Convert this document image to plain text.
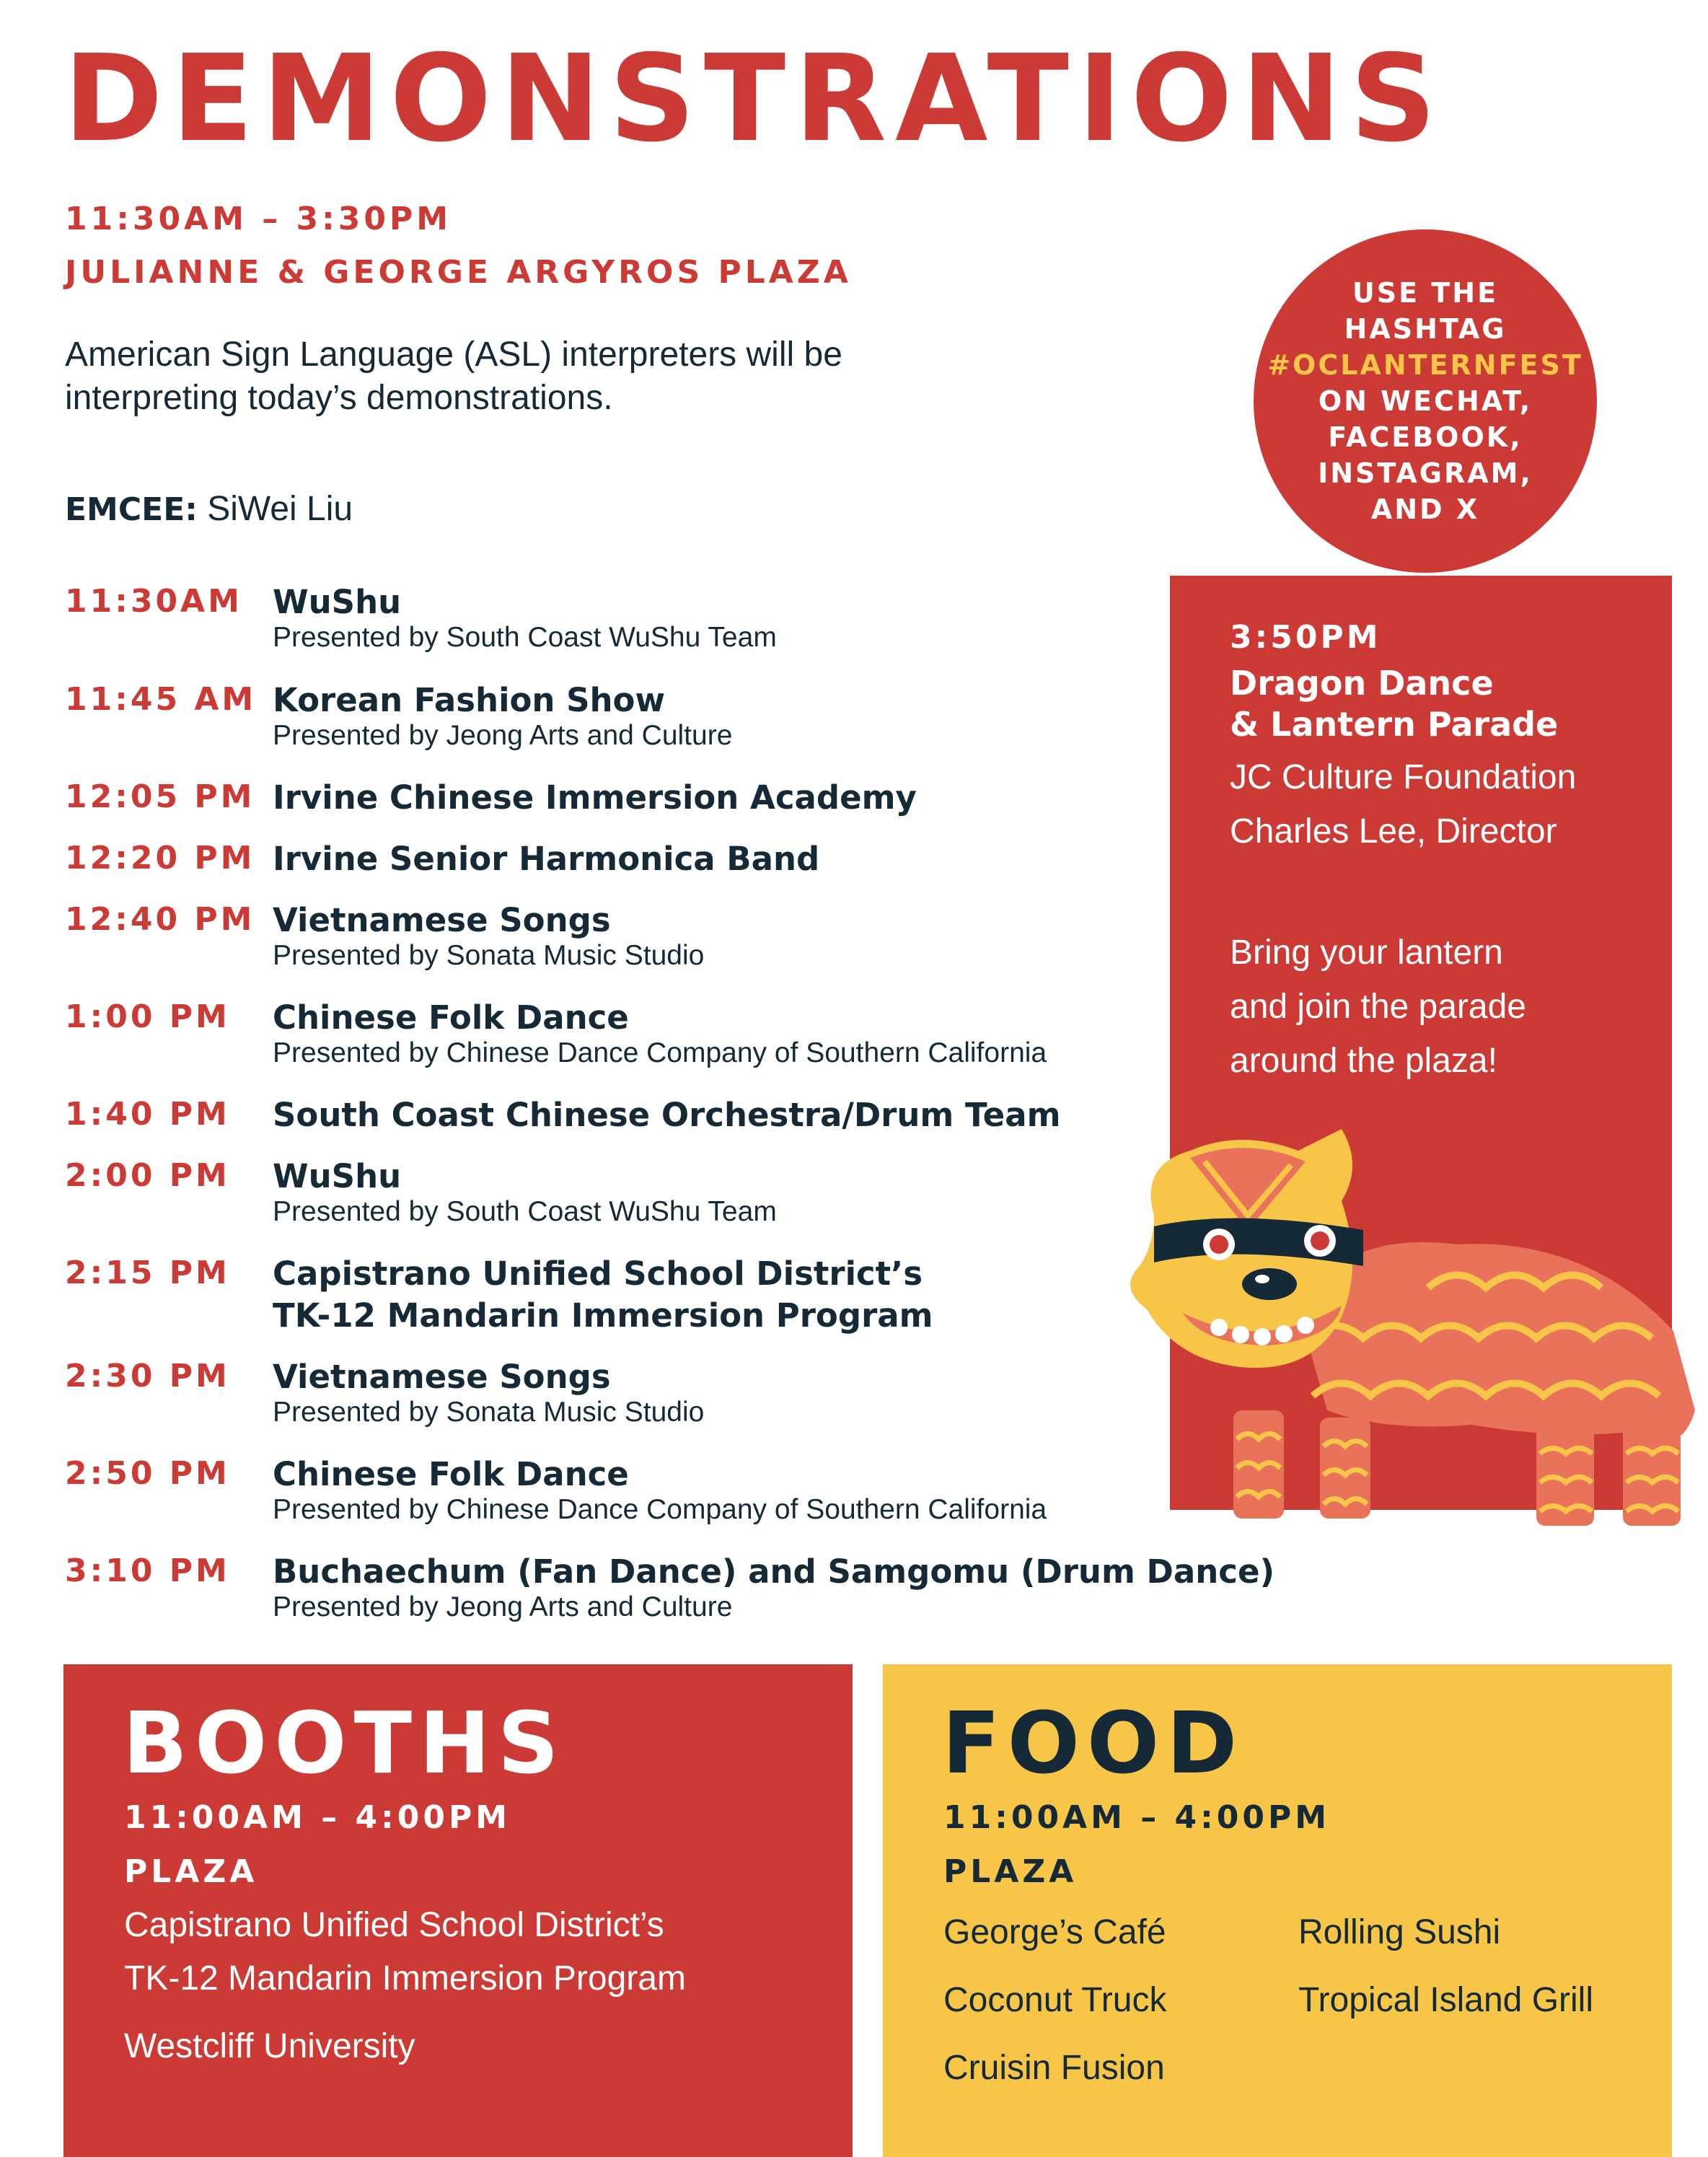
DEMONSTRATIONS
11:30AM – 3:30PM
JULIANNE & GEORGE ARGYROS PLAZA
American Sign Language (ASL) interpreters will be interpreting today’s demonstrations.
EMCEE: SiWei Liu
11:30AM WuShu
Presented by South Coast WuShu Team
11:45 AM Korean Fashion Show
Presented by Jeong Arts and Culture
12:05 PM Irvine Chinese Immersion Academy
12:20 PM Irvine Senior Harmonica Band
12:40 PM Vietnamese Songs
Presented by Sonata Music Studio
1:00 PM Chinese Folk Dance
Presented by Chinese Dance Company of Southern California
1:40 PM South Coast Chinese Orchestra/Drum Team
2:00 PM WuShu
Presented by South Coast WuShu Team
2:15 PM Capistrano Unified School District’s
TK-12 Mandarin Immersion Program
2:30 PM Vietnamese Songs
Presented by Sonata Music Studio
2:50 PM Chinese Folk Dance
Presented by Chinese Dance Company of Southern California
3:10 PM Buchaechum (Fan Dance) and Samgomu (Drum Dance)
Presented by Jeong Arts and Culture
USE THE
HASHTAG
#OCLANTERNFEST
ON WECHAT,
FACEBOOK,
INSTAGRAM,
AND X
3:50PM
Dragon Dance
& Lantern Parade
JC Culture Foundation
Charles Lee, Director
Bring your lantern
and join the parade
around the plaza!
BOOTHS
11:00AM – 4:00PM
PLAZA
Capistrano Unified School District’s
TK-12 Mandarin Immersion Program
Westcliff University
FOOD
11:00AM – 4:00PM
PLAZA
George’s Café
Coconut Truck
Cruisin Fusion
Rolling Sushi
Tropical Island Grill
